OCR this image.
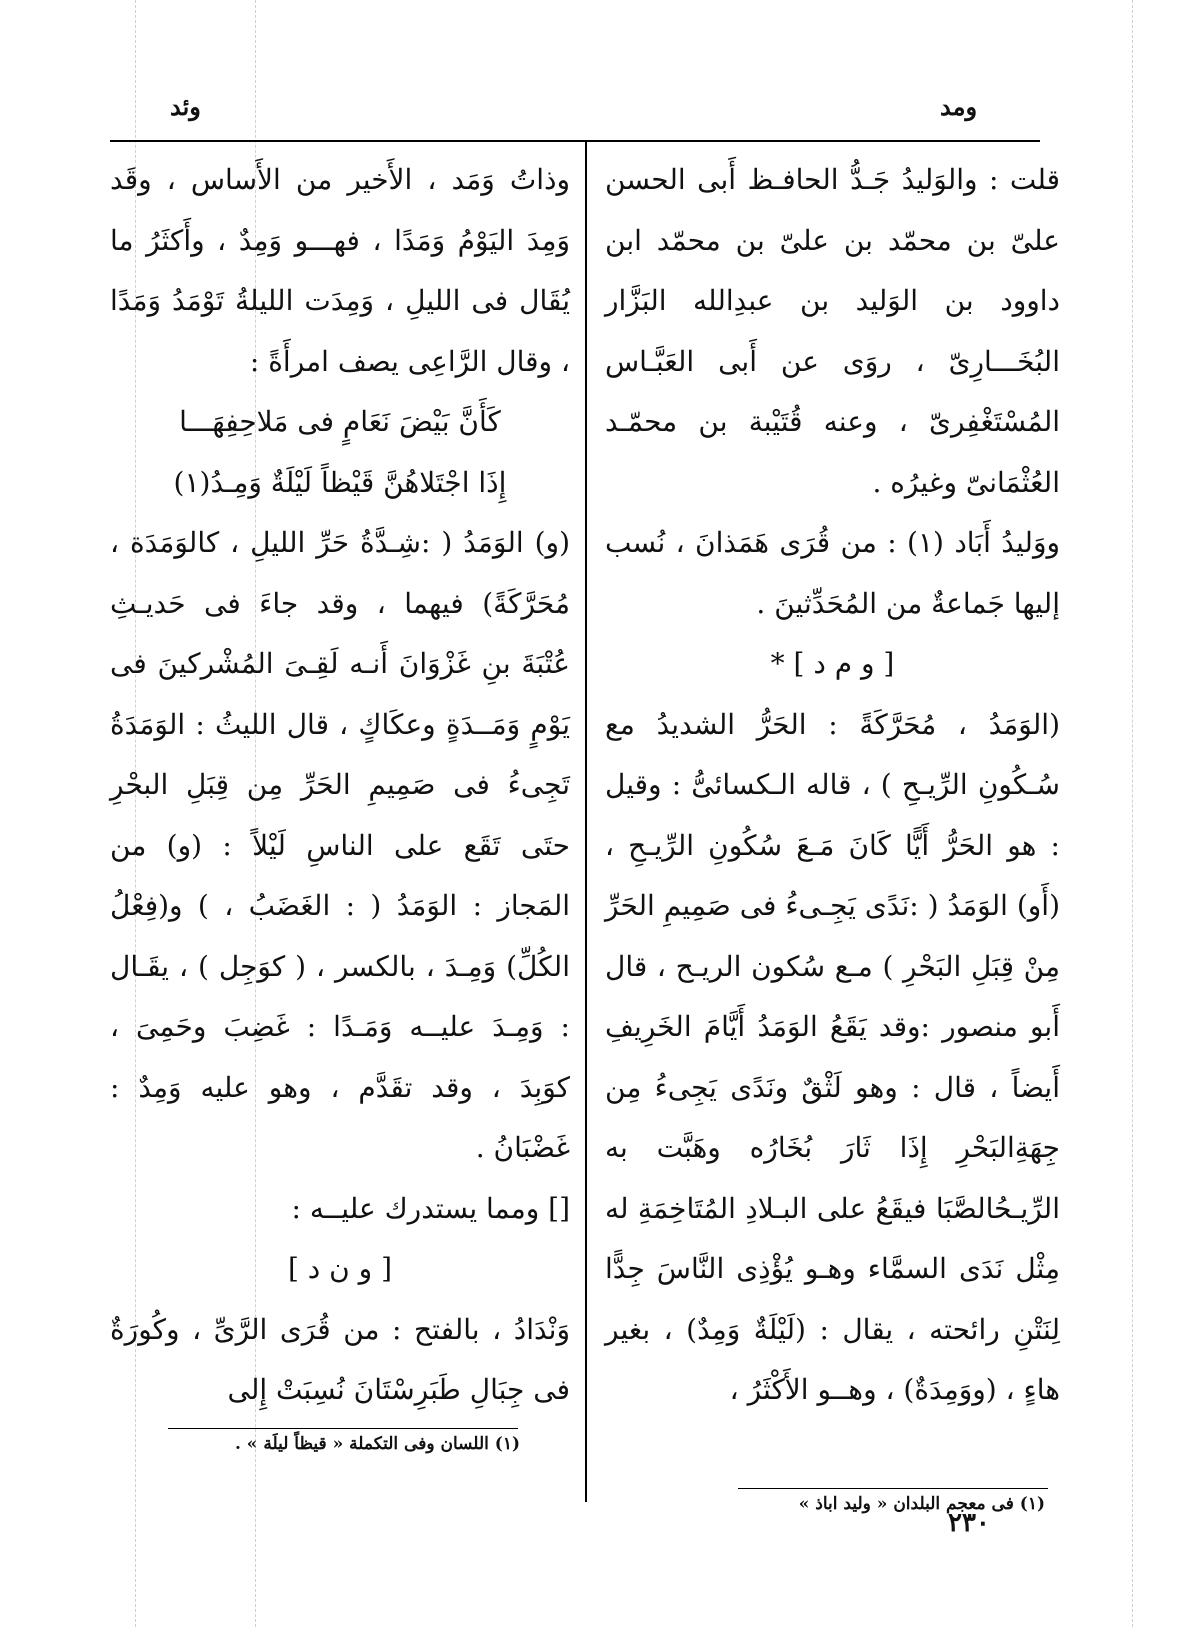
ومد
وئد

قلت : والوَليدُ جَـدُّ الحافـظ أَبى الحسن علىّ بن محمّد بن علىّ بن محمّد ابن داوود بن الوَليد بن عبدِالله البَزَّار البُخَـــارِىّ ، روَى عن أَبى العَبَّـاس المُسْتَغْفِرىّ ، وعنه قُتَيْبة بن محمّـد العُثْمَانىّ وغيرُه .

ووَليدُ أَبَاد (١) : من قُرَى هَمَذانَ ، نُسب إليها جَماعةٌ من المُحَدِّثينَ .

[ و م د ] *

(الوَمَدُ ، مُحَرَّكَةً : الحَرُّ الشديدُ مع سُـكُونِ الرِّيـحِ ) ، قاله الـكسائىُّ : وقيل : هو الحَرُّ أَيًّا كَانَ مَـعَ سُكُونِ الرِّيـحِ ، (أَو) الوَمَدُ ( :نَدًى يَجِـىءُ فى صَمِيمِ الحَرِّ مِنْ قِبَلِ البَحْرِ ) مـع سُكون الريـح ، قال أَبو منصور :وقد يَقَعُ الوَمَدُ أَيَّامَ الخَرِيفِ أَيضاً ، قال : وهو لَثْقٌ ونَدًى يَجِىءُ مِن جِهَةِالبَحْرِ إِذَا ثَارَ بُخَارُه وهَبَّت به الرِّيـحُالصَّبَا فيقَعُ على البـلادِ المُتَاخِمَةِ له مِثْل نَدَى السمَّاء وهـو يُؤْذِى النَّاسَ جِدًّا لِنَتْنِ رائحته ، يقال : (لَيْلَةٌ وَمِدٌ) ، بغير هاءٍ ، (ووَمِدَةٌ) ، وهــو الأَكْثَرُ ،

وذاتُ وَمَد ، الأَخير من الأَساس ، وقَد وَمِدَ اليَوْمُ وَمَدًا ، فهـــو وَمِدٌ ، وأَكثَرُ ما يُقَال فى الليلِ ، وَمِدَت الليلةُ تَوْمَدُ وَمَدًا ، وقال الرَّاعِى يصف امرأَةً :

كَأَنَّ بَيْضَ نَعَامٍ فى مَلاحِفِهَـــا

إِذَا اجْتَلاهُنَّ قَيْظاً لَيْلَةٌ وَمِـدُ(١)

(و) الوَمَدُ ( :شِـدَّةُ حَرِّ الليلِ ، كالوَمَدَة ، مُحَرَّكَةً) فيهما ، وقد جاءَ فى حَديـثِ عُتْبَةَ بنِ غَزْوَانَ أَنـه لَقِـىَ المُشْركينَ فى يَوْمٍ وَمَــدَةٍ وعكَاكٍ ، قال الليثُ : الوَمَدَةُ تَجِىءُ فى صَمِيمِ الحَرِّ مِن قِبَلِ البحْرِ حتَى تَقَع على الناسِ لَيْلاً : (و) من المَجاز : الوَمَدُ ( : الغَضَبُ ، ) و(فِعْلُ الكُلِّ) وَمِـدَ ، بالكسر ، ( كوَجِل ) ، يقَـال : وَمِـدَ عليــه وَمَـدًا : غَضِبَ وحَمِىَ ، كوَبِدَ ، وقد تقَدَّم ، وهو عليه وَمِدٌ : غَضْبَانُ .

[] ومما يستدرك عليــه :

[ و ن د ]

وَنْدَادُ ، بالفتح : من قُرَى الرَّىِّ ، وكُورَةٌ فى جِبَالِ طَبَرِسْتَانَ نُسِبَتْ إِلى

(١) فى معجم البلدان « وليد اباذ »
(١) اللسان وفى التكملة « قيظاً ليلَة » .
٢٣٠
